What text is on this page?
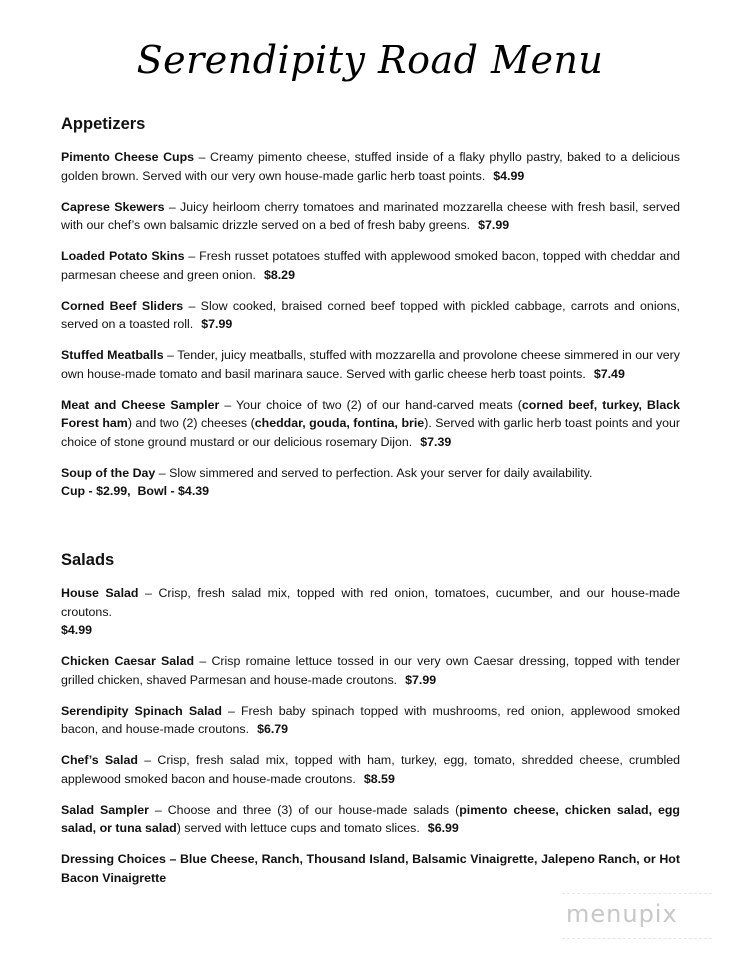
Serendipity Road Menu
Appetizers

Pimento Cheese Cups – Creamy pimento cheese, stuffed inside of a flaky phyllo pastry, baked to a delicious golden brown. Served with our very own house-made garlic herb toast points. $4.99

Caprese Skewers – Juicy heirloom cherry tomatoes and marinated mozzarella cheese with fresh basil, served with our chef’s own balsamic drizzle served on a bed of fresh baby greens. $7.99

Loaded Potato Skins – Fresh russet potatoes stuffed with applewood smoked bacon, topped with cheddar and parmesan cheese and green onion. $8.29

Corned Beef Sliders – Slow cooked, braised corned beef topped with pickled cabbage, carrots and onions, served on a toasted roll. $7.99

Stuffed Meatballs – Tender, juicy meatballs, stuffed with mozzarella and provolone cheese simmered in our very own house-made tomato and basil marinara sauce. Served with garlic cheese herb toast points. $7.49

Meat and Cheese Sampler – Your choice of two (2) of our hand-carved meats (corned beef, turkey, Black Forest ham) and two (2) cheeses (cheddar, gouda, fontina, brie). Served with garlic herb toast points and your choice of stone ground mustard or our delicious rosemary Dijon. $7.39

Soup of the Day – Slow simmered and served to perfection. Ask your server for daily availability.
Cup - $2.99, Bowl - $4.39

Salads

House Salad – Crisp, fresh salad mix, topped with red onion, tomatoes, cucumber, and our house-made croutons.
$4.99

Chicken Caesar Salad – Crisp romaine lettuce tossed in our very own Caesar dressing, topped with tender grilled chicken, shaved Parmesan and house-made croutons. $7.99

Serendipity Spinach Salad – Fresh baby spinach topped with mushrooms, red onion, applewood smoked bacon, and house-made croutons. $6.79

Chef’s Salad – Crisp, fresh salad mix, topped with ham, turkey, egg, tomato, shredded cheese, crumbled applewood smoked bacon and house-made croutons. $8.59

Salad Sampler – Choose and three (3) of our house-made salads (pimento cheese, chicken salad, egg salad, or tuna salad) served with lettuce cups and tomato slices. $6.99

Dressing Choices – Blue Cheese, Ranch, Thousand Island, Balsamic Vinaigrette, Jalepeno Ranch, or Hot Bacon Vinaigrette

menupix
